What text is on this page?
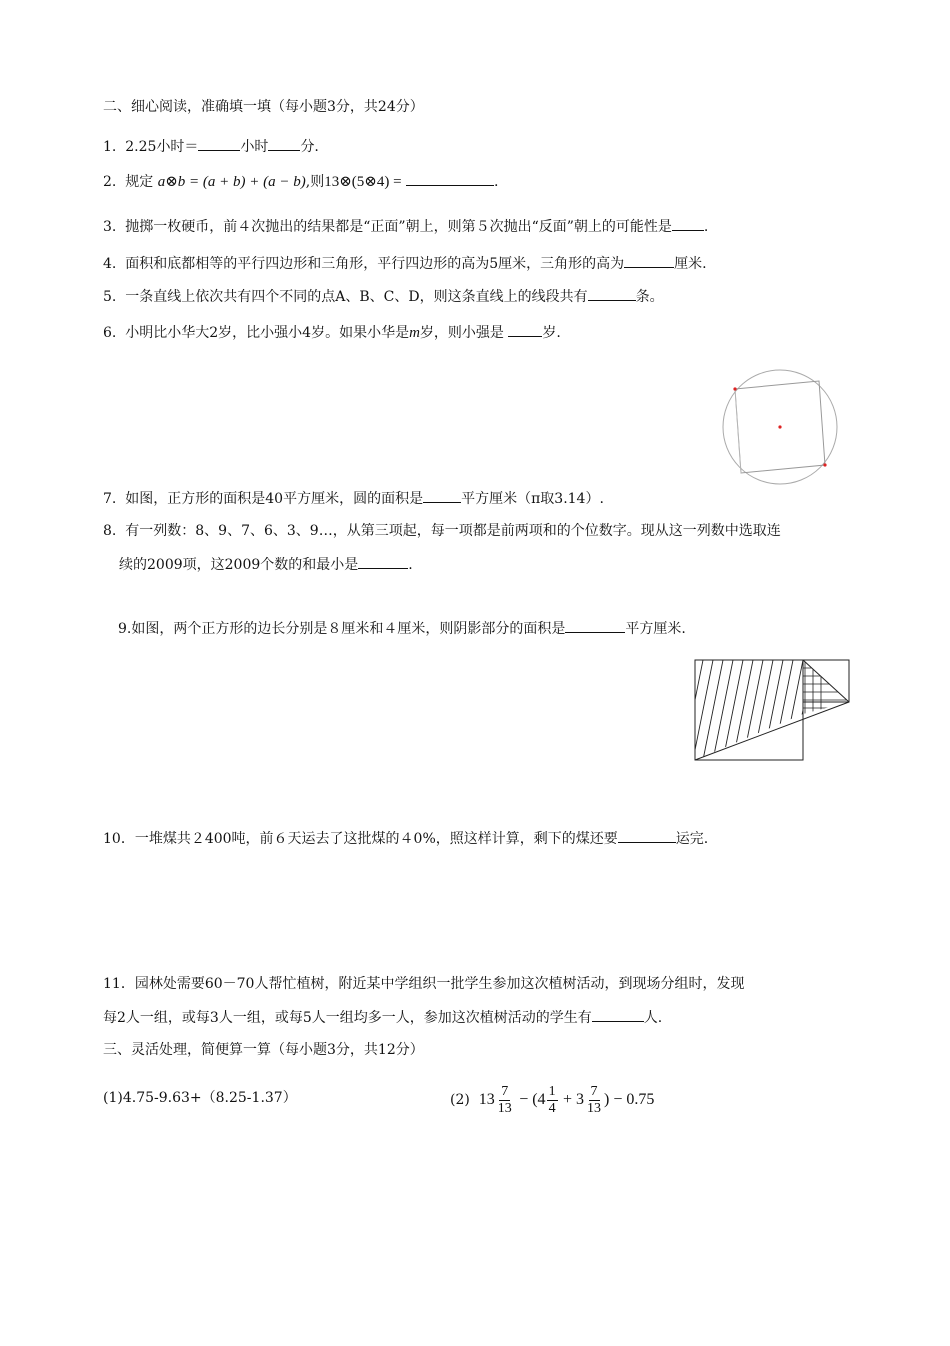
二、细心阅读，准确填一填（每小题3分，共24分）
1. 2.25小时＝	小时 分.
2. 规定 a⊗b = (a + b) + (a − b),则13⊗(5⊗4) =	.
3. 抛掷一枚硬币，前４次抛出的结果都是“正面”朝上，则第５次抛出“反面”朝上的可能性是 .
4. 面积和底都相等的平行四边形和三角形，平行四边形的高为5厘米，三角形的高为	厘米.
5. 一条直线上依次共有四个不同的点A、B、C、D，则这条直线上的线段共有	条。
6. 小明比小华大2岁，比小强小4岁。如果小华是m岁，则小强是 岁.
7. 如图，正方形的面积是40平方厘米，圆的面积是	平方厘米（π取3.14）.
8. 有一列数：8、9、7、6、3、9…，从第三项起，每一项都是前两项和的个位数字。现从这一列数中选取连
续的2009项，这2009个数的和最小是	.
9.如图，两个正方形的边长分别是８厘米和４厘米，则阴影部分的面积是	平方厘米.
10．一堆煤共２400吨，前６天运去了这批煤的４0%，照这样计算，剩下的煤还要	运完.
11．园林处需要60－70人帮忙植树，附近某中学组织一批学生参加这次植树活动，到现场分组时，发现
每2人一组，或每3人一组，或每5人一组均多一人，参加这次植树活动的学生有	人.
三、灵活处理，简便算一算（每小题3分，共12分）
(1)4.75-9.63+（8.25-1.37）	(2) $13 \frac{7}{13} - (4 \frac{1}{4} + 3 \frac{7}{13}$ ) − 0.75
